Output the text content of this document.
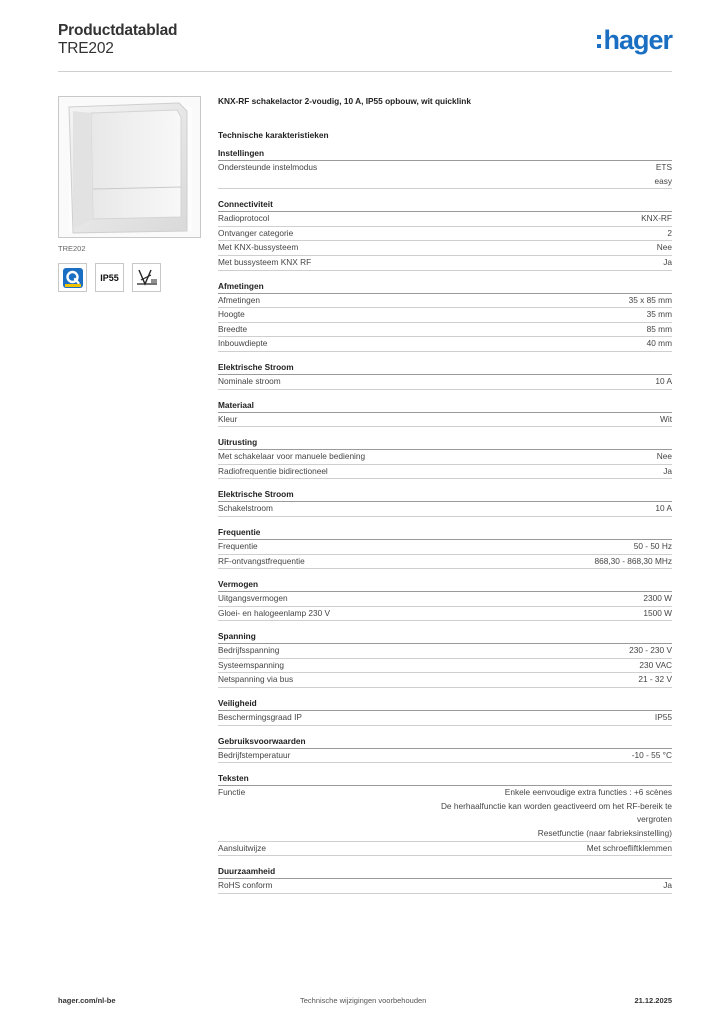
Productdatablad
TRE202	hager
TRE202
IP55
KNX-RF schakelactor 2-voudig, 10 A, IP55 opbouw, wit quicklink
Technische karakteristieken
Instellingen
Ondersteunde instelmodus	ETS
easy
Connectiviteit
Radioprotocol	KNX-RF
Ontvanger categorie	2
Met KNX-bussysteem	Nee
Met bussysteem KNX RF	Ja
Afmetingen
Afmetingen	35 x 85 mm
Hoogte	35 mm
Breedte	85 mm
Inbouwdiepte	40 mm
Elektrische Stroom
Nominale stroom	10 A
Materiaal
Kleur	Wit
Uitrusting
Met schakelaar voor manuele bediening	Nee
Radiofrequentie bidirectioneel	Ja
Elektrische Stroom
Schakelstroom	10 A
Frequentie
Frequentie	50 - 50 Hz
RF-ontvangstfrequentie	868,30 - 868,30 MHz
Vermogen
Uitgangsvermogen	2300 W
Gloei- en halogeenlamp 230 V	1500 W
Spanning
Bedrijfsspanning	230 - 230 V
Systeemspanning	230 VAC
Netspanning via bus	21 - 32 V
Veiligheid
Beschermingsgraad IP	IP55
Gebruiksvoorwaarden
Bedrijfstemperatuur	-10 - 55 °C
Teksten
Functie	Enkele eenvoudige extra functies : +6 scènes
De herhaalfunctie kan worden geactiveerd om het RF-bereik te
vergroten
Resetfunctie (naar fabrieksinstelling)
Aansluitwijze	Met schroefliftklemmen
Duurzaamheid
RoHS conform	Ja
hager.com/nl-be	Technische wijzigingen voorbehouden	21.12.2025
